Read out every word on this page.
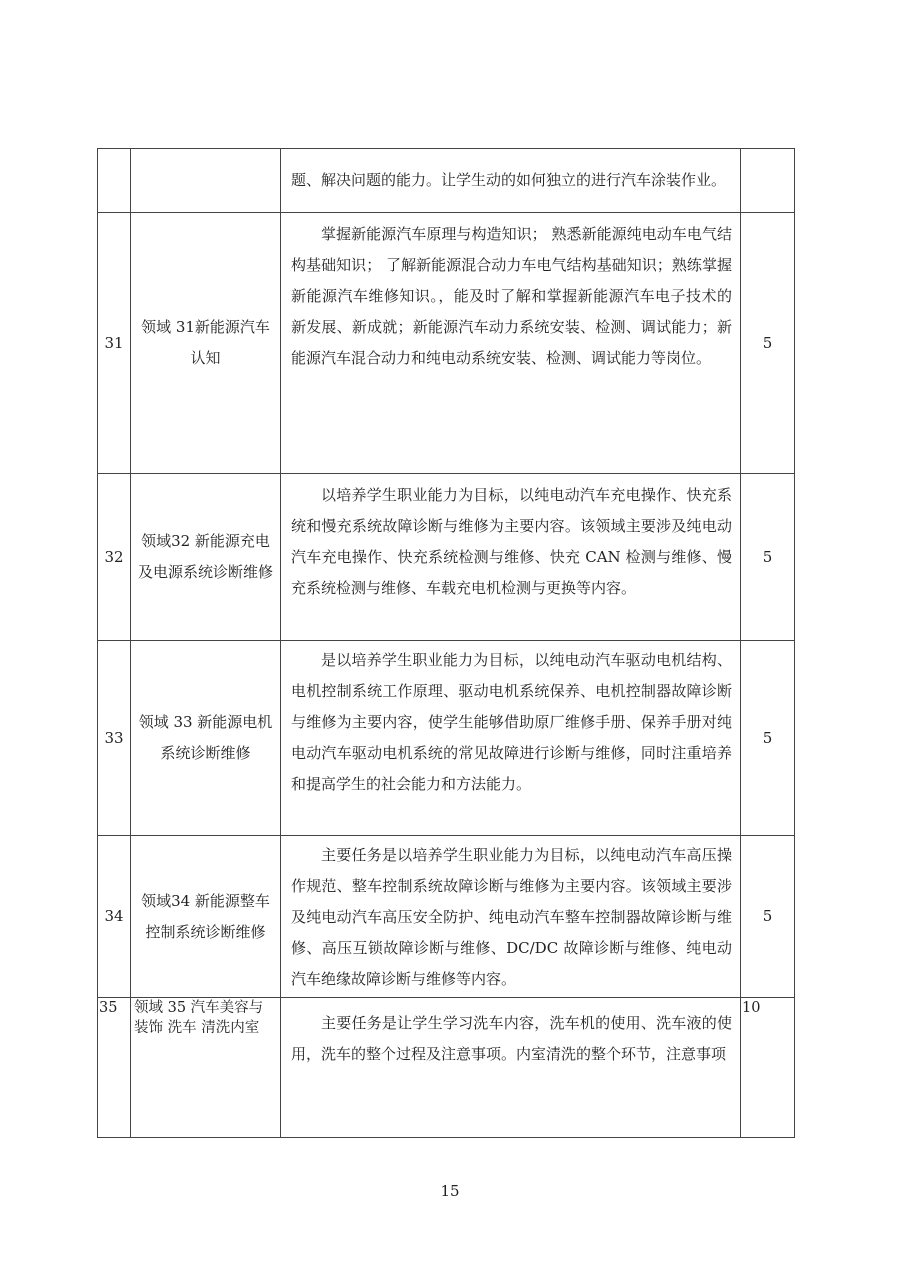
		题、解决问题的能力。让学生动的如何独立的进行汽车涂装作业。	

31	领域 31新能源汽车认知	掌握新能源汽车原理与构造知识； 熟悉新能源纯电动车电气结构基础知识； 了解新能源混合动力车电气结构基础知识；熟练掌握新能源汽车维修知识。，能及时了解和掌握新能源汽车电子技术的新发展、新成就；新能源汽车动力系统安装、检测、调试能力；新能源汽车混合动力和纯电动系统安装、检测、调试能力等岗位。	5
32	领域32 新能源充电及电源系统诊断维修	以培养学生职业能力为目标，以纯电动汽车充电操作、快充系统和慢充系统故障诊断与维修为主要内容。该领域主要涉及纯电动汽车充电操作、快充系统检测与维修、快充 CAN 检测与维修、慢充系统检测与维修、车载充电机检测与更换等内容。	5
33	领域 33 新能源电机系统诊断维修	是以培养学生职业能力为目标，以纯电动汽车驱动电机结构、电机控制系统工作原理、驱动电机系统保养、电机控制器故障诊断与维修为主要内容，使学生能够借助原厂维修手册、保养手册对纯电动汽车驱动电机系统的常见故障进行诊断与维修，同时注重培养和提高学生的社会能力和方法能力。	5
34	领域34 新能源整车控制系统诊断维修	主要任务是以培养学生职业能力为目标，以纯电动汽车高压操作规范、整车控制系统故障诊断与维修为主要内容。该领域主要涉及纯电动汽车高压安全防护、纯电动汽车整车控制器故障诊断与维修、高压互锁故障诊断与维修、DC/DC 故障诊断与维修、纯电动汽车绝缘故障诊断与维修等内容。	5
35	领域 35 汽车美容与装饰 洗车 清洗内室	主要任务是让学生学习洗车内容，洗车机的使用、洗车液的使用，洗车的整个过程及注意事项。内室清洗的整个环节，注意事项	10
15
